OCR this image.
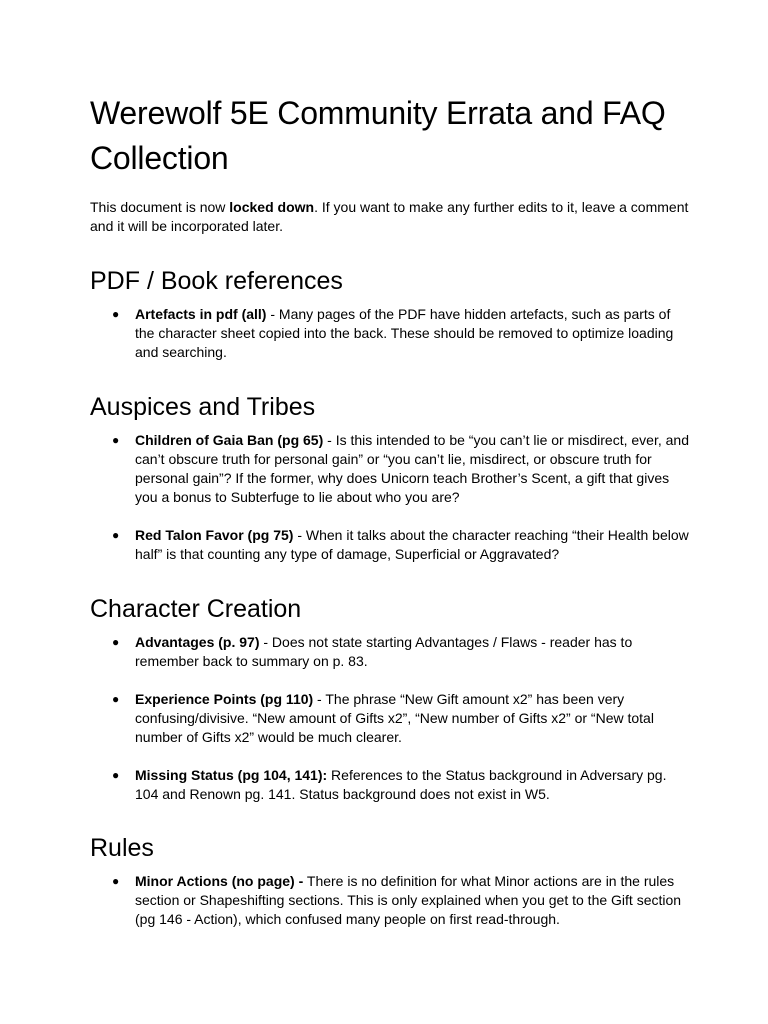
Werewolf 5E Community Errata and FAQ Collection

This document is now locked down. If you want to make any further edits to it, leave a comment and it will be incorporated later.

PDF / Book references
● Artefacts in pdf (all) - Many pages of the PDF have hidden artefacts, such as parts of the character sheet copied into the back. These should be removed to optimize loading and searching.
Auspices and Tribes
● Children of Gaia Ban (pg 65) - Is this intended to be “you can’t lie or misdirect, ever, and can’t obscure truth for personal gain” or “you can’t lie, misdirect, or obscure truth for personal gain”? If the former, why does Unicorn teach Brother’s Scent, a gift that gives you a bonus to Subterfuge to lie about who you are?
● Red Talon Favor (pg 75) - When it talks about the character reaching “their Health below half” is that counting any type of damage, Superficial or Aggravated?
Character Creation
● Advantages (p. 97) - Does not state starting Advantages / Flaws - reader has to remember back to summary on p. 83.
● Experience Points (pg 110) - The phrase “New Gift amount x2” has been very confusing/divisive. “New amount of Gifts x2”, “New number of Gifts x2” or “New total number of Gifts x2” would be much clearer.
● Missing Status (pg 104, 141): References to the Status background in Adversary pg. 104 and Renown pg. 141. Status background does not exist in W5.
Rules
● Minor Actions (no page) - There is no definition for what Minor actions are in the rules section or Shapeshifting sections. This is only explained when you get to the Gift section (pg 146 - Action), which confused many people on first read-through.
